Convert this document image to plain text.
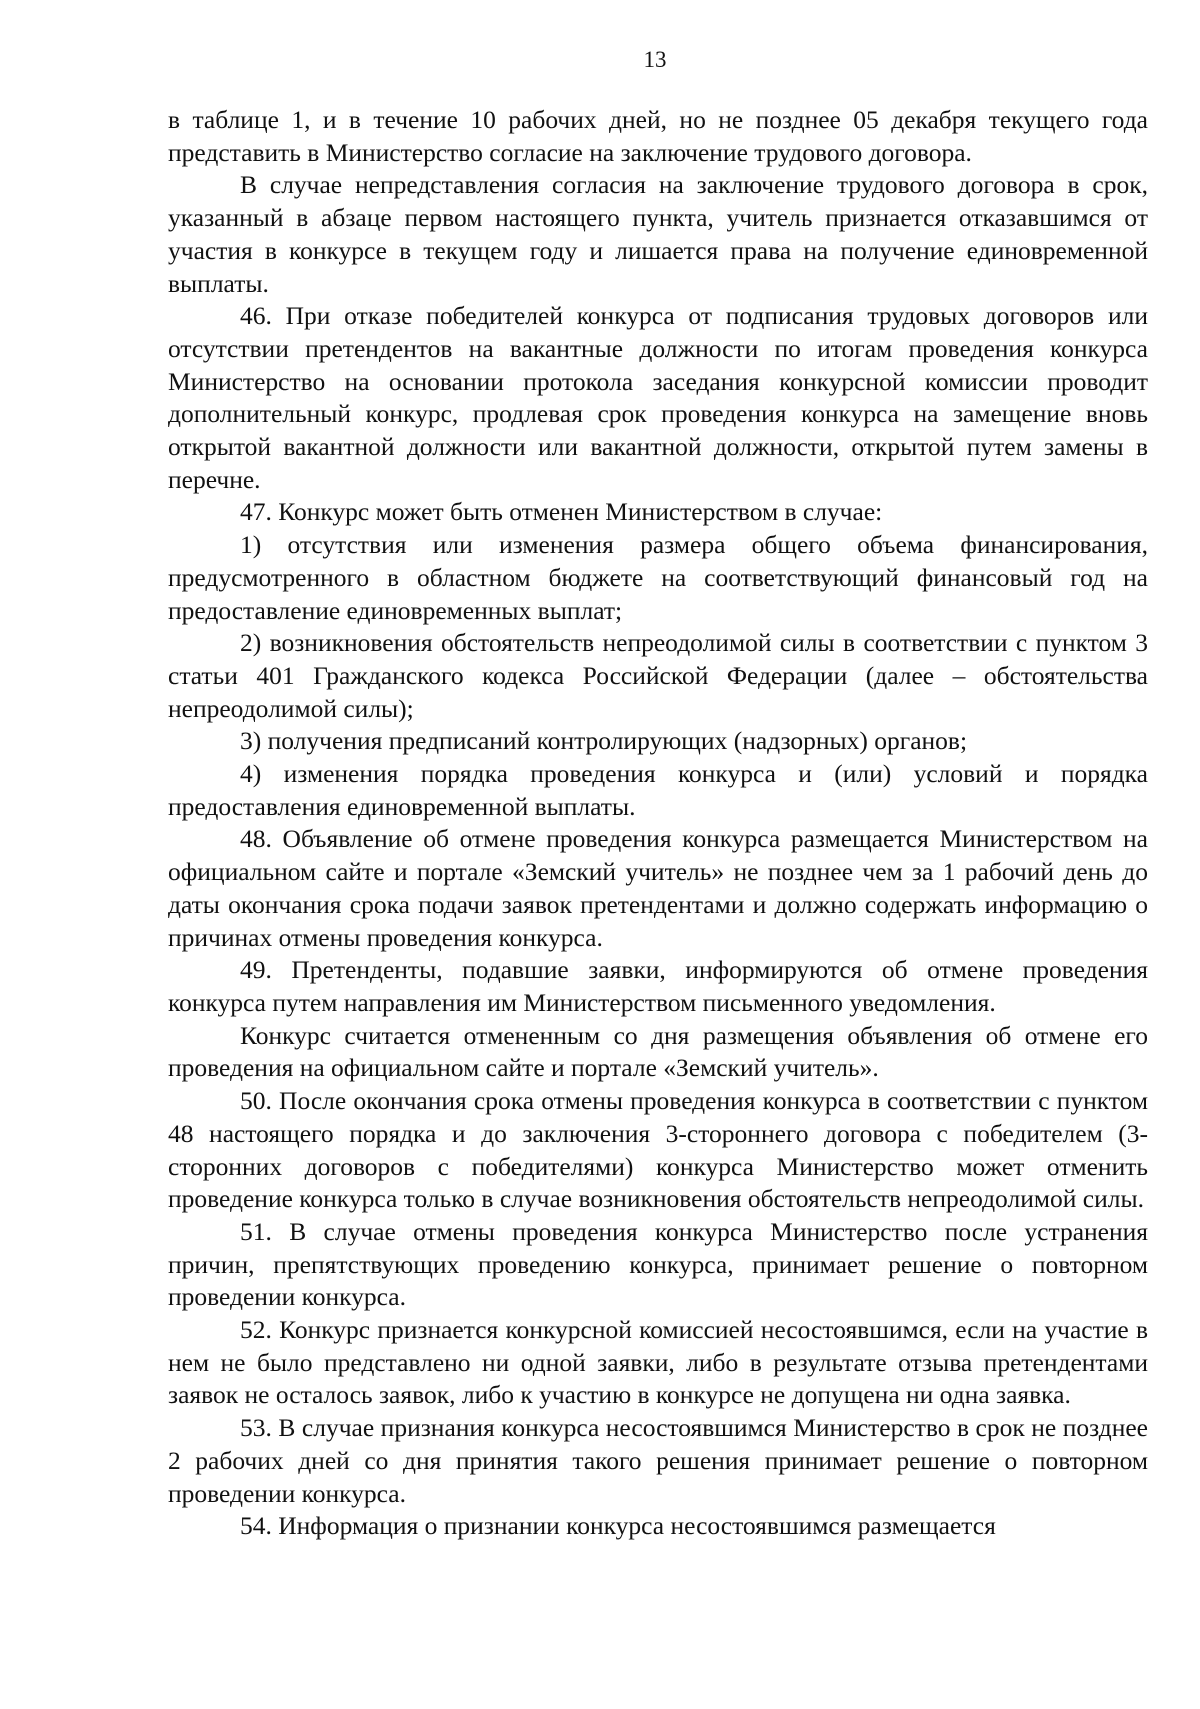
13

в таблице 1, и в течение 10 рабочих дней, но не позднее 05 декабря текущего года представить в Министерство согласие на заключение трудового договора.

В случае непредставления согласия на заключение трудового договора в срок, указанный в абзаце первом настоящего пункта, учитель признается отказавшимся от участия в конкурсе в текущем году и лишается права на получение единовременной выплаты.

46. При отказе победителей конкурса от подписания трудовых договоров или отсутствии претендентов на вакантные должности по итогам проведения конкурса Министерство на основании протокола заседания конкурсной комиссии проводит дополнительный конкурс, продлевая срок проведения конкурса на замещение вновь открытой вакантной должности или вакантной должности, открытой путем замены в перечне.

47. Конкурс может быть отменен Министерством в случае:

1) отсутствия или изменения размера общего объема финансирования, предусмотренного в областном бюджете на соответствующий финансовый год на предоставление единовременных выплат;

2) возникновения обстоятельств непреодолимой силы в соответствии с пунктом 3 статьи 401 Гражданского кодекса Российской Федерации (далее – обстоятельства непреодолимой силы);

3) получения предписаний контролирующих (надзорных) органов;

4) изменения порядка проведения конкурса и (или) условий и порядка предоставления единовременной выплаты.

48. Объявление об отмене проведения конкурса размещается Министерством на официальном сайте и портале «Земский учитель» не позднее чем за 1 рабочий день до даты окончания срока подачи заявок претендентами и должно содержать информацию о причинах отмены проведения конкурса.

49. Претенденты, подавшие заявки, информируются об отмене проведения конкурса путем направления им Министерством письменного уведомления.

Конкурс считается отмененным со дня размещения объявления об отмене его проведения на официальном сайте и портале «Земский учитель».

50. После окончания срока отмены проведения конкурса в соответствии с пунктом 48 настоящего порядка и до заключения 3-стороннего договора с победителем (3-сторонних договоров с победителями) конкурса Министерство может отменить проведение конкурса только в случае возникновения обстоятельств непреодолимой силы.

51. В случае отмены проведения конкурса Министерство после устранения причин, препятствующих проведению конкурса, принимает решение о повторном проведении конкурса.

52. Конкурс признается конкурсной комиссией несостоявшимся, если на участие в нем не было представлено ни одной заявки, либо в результате отзыва претендентами заявок не осталось заявок, либо к участию в конкурсе не допущена ни одна заявка.

53. В случае признания конкурса несостоявшимся Министерство в срок не позднее 2 рабочих дней со дня принятия такого решения принимает решение о повторном проведении конкурса.

54. Информация о признании конкурса несостоявшимся размещается
